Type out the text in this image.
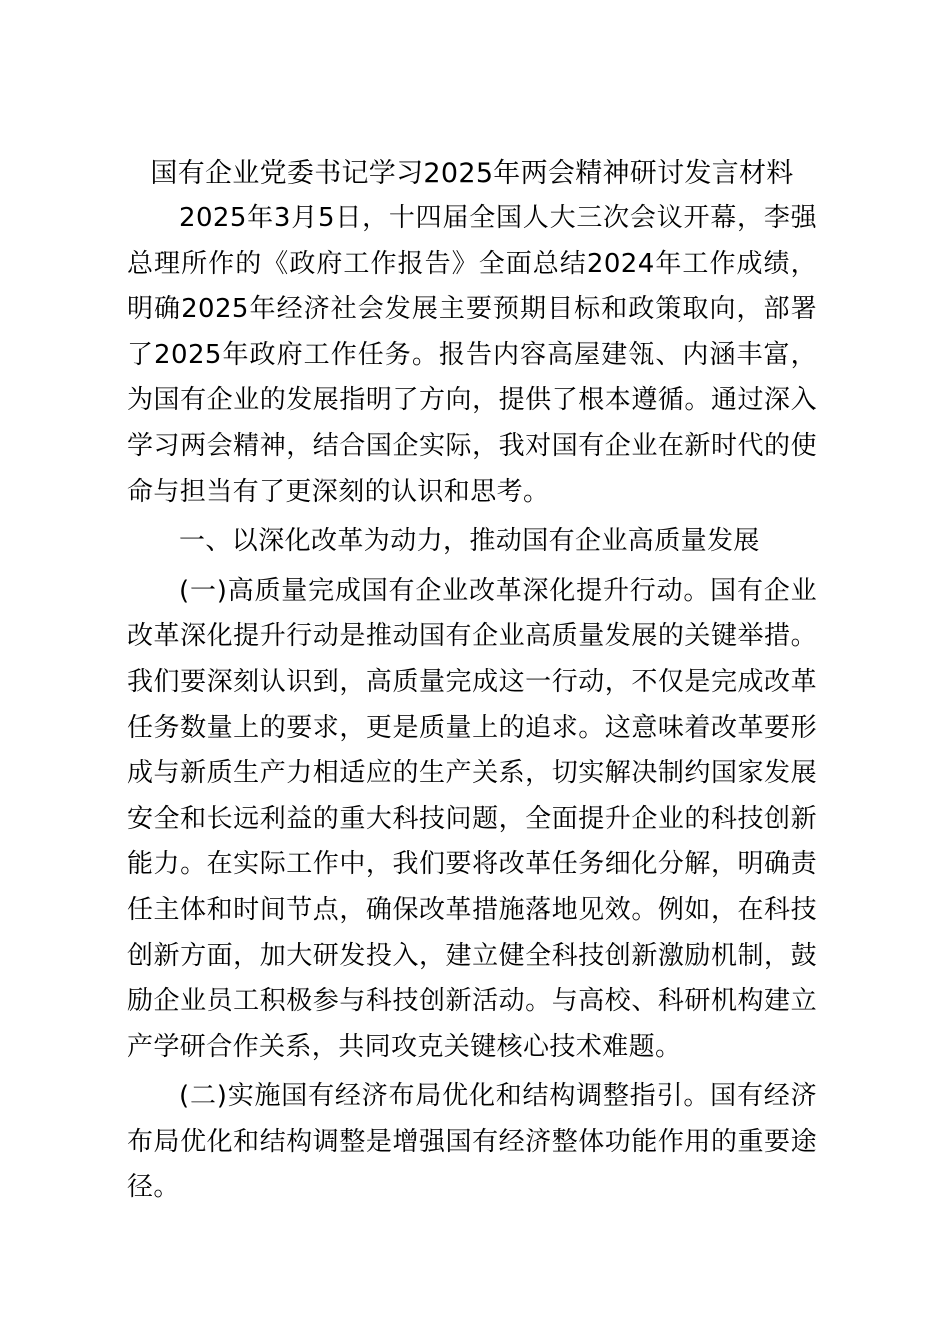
国有企业党委书记学习2025年两会精神研讨发言材料

2025年3月5日，十四届全国人大三次会议开幕，李强总理所作的《政府工作报告》全面总结2024年工作成绩，明确2025年经济社会发展主要预期目标和政策取向，部署了2025年政府工作任务。报告内容高屋建瓴、内涵丰富，为国有企业的发展指明了方向，提供了根本遵循。通过深入学习两会精神，结合国企实际，我对国有企业在新时代的使命与担当有了更深刻的认识和思考。

一、以深化改革为动力，推动国有企业高质量发展

(一)高质量完成国有企业改革深化提升行动。国有企业改革深化提升行动是推动国有企业高质量发展的关键举措。我们要深刻认识到，高质量完成这一行动，不仅是完成改革任务数量上的要求，更是质量上的追求。这意味着改革要形成与新质生产力相适应的生产关系，切实解决制约国家发展安全和长远利益的重大科技问题，全面提升企业的科技创新能力。在实际工作中，我们要将改革任务细化分解，明确责任主体和时间节点，确保改革措施落地见效。例如，在科技创新方面，加大研发投入，建立健全科技创新激励机制，鼓励企业员工积极参与科技创新活动。与高校、科研机构建立产学研合作关系，共同攻克关键核心技术难题。

(二)实施国有经济布局优化和结构调整指引。国有经济布局优化和结构调整是增强国有经济整体功能作用的重要途径。
